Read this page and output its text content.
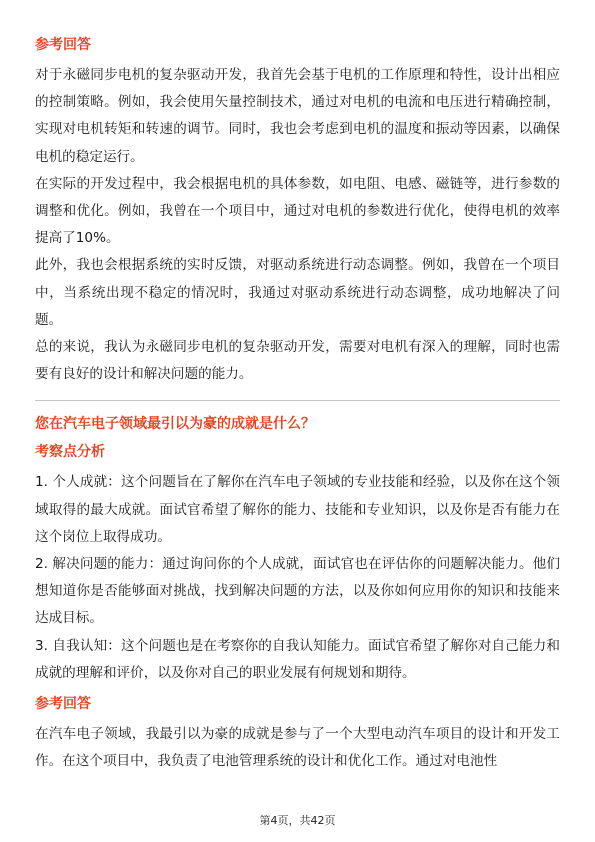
参考回答

对于永磁同步电机的复杂驱动开发，我首先会基于电机的工作原理和特性，设计出相应的控制策略。例如，我会使用矢量控制技术，通过对电机的电流和电压进行精确控制，实现对电机转矩和转速的调节。同时，我也会考虑到电机的温度和振动等因素，以确保电机的稳定运行。

在实际的开发过程中，我会根据电机的具体参数，如电阻、电感、磁链等，进行参数的调整和优化。例如，我曾在一个项目中，通过对电机的参数进行优化，使得电机的效率提高了10%。

此外，我也会根据系统的实时反馈，对驱动系统进行动态调整。例如，我曾在一个项目中，当系统出现不稳定的情况时，我通过对驱动系统进行动态调整，成功地解决了问题。

总的来说，我认为永磁同步电机的复杂驱动开发，需要对电机有深入的理解，同时也需要有良好的设计和解决问题的能力。

您在汽车电子领域最引以为豪的成就是什么？

考察点分析

1. 个人成就：这个问题旨在了解你在汽车电子领域的专业技能和经验，以及你在这个领域取得的最大成就。面试官希望了解你的能力、技能和专业知识，以及你是否有能力在这个岗位上取得成功。

2. 解决问题的能力：通过询问你的个人成就，面试官也在评估你的问题解决能力。他们想知道你是否能够面对挑战，找到解决问题的方法，以及你如何应用你的知识和技能来达成目标。

3. 自我认知：这个问题也是在考察你的自我认知能力。面试官希望了解你对自己能力和成就的理解和评价，以及你对自己的职业发展有何规划和期待。

参考回答

在汽车电子领域，我最引以为豪的成就是参与了一个大型电动汽车项目的设计和开发工作。在这个项目中，我负责了电池管理系统的设计和优化工作。通过对电池性

第4页，共42页
